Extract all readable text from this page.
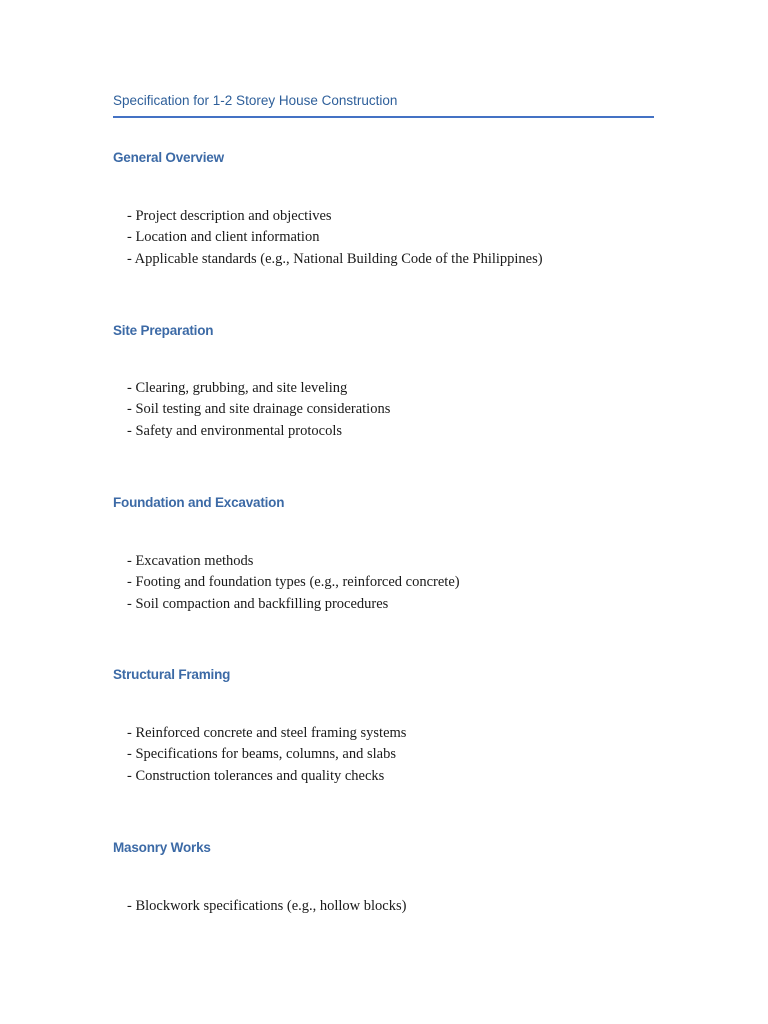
Specification for 1-2 Storey House Construction
General Overview
- Project description and objectives
- Location and client information
- Applicable standards (e.g., National Building Code of the Philippines)
Site Preparation
- Clearing, grubbing, and site leveling
- Soil testing and site drainage considerations
- Safety and environmental protocols
Foundation and Excavation
- Excavation methods
- Footing and foundation types (e.g., reinforced concrete)
- Soil compaction and backfilling procedures
Structural Framing
- Reinforced concrete and steel framing systems
- Specifications for beams, columns, and slabs
- Construction tolerances and quality checks
Masonry Works
- Blockwork specifications (e.g., hollow blocks)
